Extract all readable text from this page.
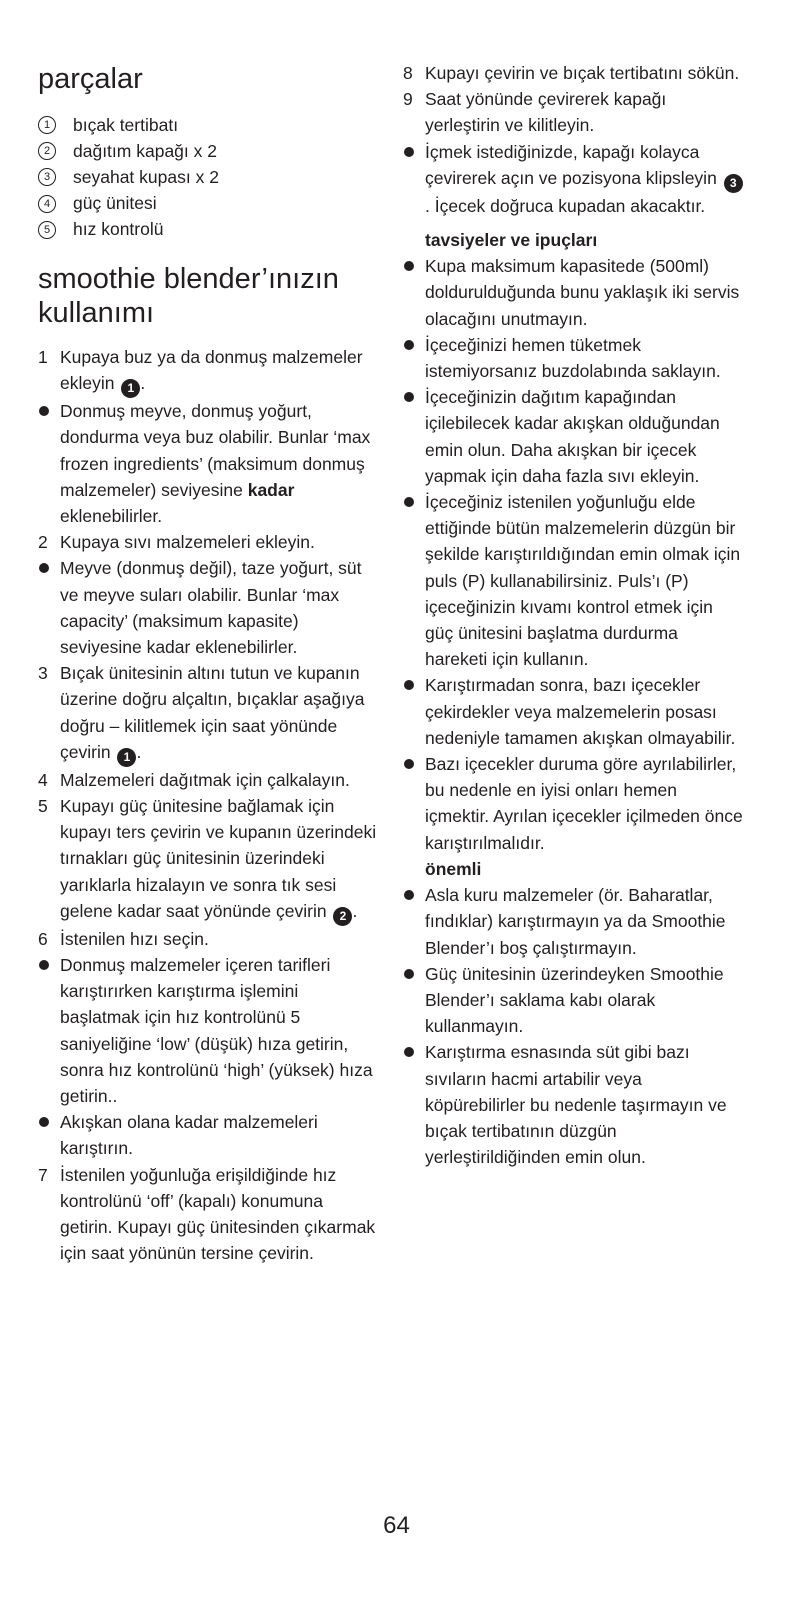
parçalar
1	bıçak tertibatı
2	dağıtım kapağı x 2
3	seyahat kupası x 2
4	güç ünitesi
5	hız kontrolü
smoothie blender’ınızın kullanımı
1 Kupaya buz ya da donmuş malzemeler ekleyin 1 .
Donmuş meyve, donmuş yoğurt, dondurma veya buz olabilir. Bunlar ‘max frozen ingredients’ (maksimum donmuş malzemeler) seviyesine kadar eklenebilirler.
2 Kupaya sıvı malzemeleri ekleyin.
Meyve (donmuş değil), taze yoğurt, süt ve meyve suları olabilir. Bunlar ‘max capacity’ (maksimum kapasite) seviyesine kadar eklenebilirler.
3 Bıçak ünitesinin altını tutun ve kupanın üzerine doğru alçaltın, bıçaklar aşağıya doğru – kilitlemek için saat yönünde çevirin 1 .
4 Malzemeleri dağıtmak için çalkalayın.
5 Kupayı güç ünitesine bağlamak için kupayı ters çevirin ve kupanın üzerindeki tırnakları güç ünitesinin üzerindeki yarıklarla hizalayın ve sonra tık sesi gelene kadar saat yönünde çevirin 2 .
6 İstenilen hızı seçin.
Donmuş malzemeler içeren tarifleri karıştırırken karıştırma işlemini başlatmak için hız kontrolünü 5 saniyeliğine ‘low’ (düşük) hıza getirin, sonra hız kontrolünü ‘high’ (yüksek) hıza getirin..
Akışkan olana kadar malzemeleri karıştırın.
7 İstenilen yoğunluğa erişildiğinde hız kontrolünü ‘off’ (kapalı) konumuna getirin. Kupayı güç ünitesinden çıkarmak için saat yönünün tersine çevirin.
8 Kupayı çevirin ve bıçak tertibatını sökün.
9 Saat yönünde çevirerek kapağı yerleştirin ve kilitleyin.
İçmek istediğinizde, kapağı kolayca çevirerek açın ve pozisyona klipsleyin 3. İçecek doğruca kupadan akacaktır.
tavsiyeler ve ipuçları
Kupa maksimum kapasitede (500ml) doldurulduğunda bunu yaklaşık iki servis olacağını unutmayın.
İçeceğinizi hemen tüketmek istemiyorsanız buzdolabında saklayın.
İçeceğinizin dağıtım kapağından içilebilecek kadar akışkan olduğundan emin olun. Daha akışkan bir içecek yapmak için daha fazla sıvı ekleyin.
İçeceğiniz istenilen yoğunluğu elde ettiğinde bütün malzemelerin düzgün bir şekilde karıştırıldığından emin olmak için puls (P) kullanabilirsiniz. Puls’ı (P) içeceğinizin kıvamı kontrol etmek için güç ünitesini başlatma durdurma hareketi için kullanın.
Karıştırmadan sonra, bazı içecekler çekirdekler veya malzemelerin posası nedeniyle tamamen akışkan olmayabilir.
Bazı içecekler duruma göre ayrılabilirler, bu nedenle en iyisi onları hemen içmektir. Ayrılan içecekler içilmeden önce karıştırılmalıdır.
önemli
Asla kuru malzemeler (ör. Baharatlar, fındıklar) karıştırmayın ya da Smoothie Blender’ı boş çalıştırmayın.
Güç ünitesinin üzerindeyken Smoothie Blender’ı saklama kabı olarak kullanmayın.
Karıştırma esnasında süt gibi bazı sıvıların hacmi artabilir veya köpürebilirler bu nedenle taşırmayın ve bıçak tertibatının düzgün yerleştirildiğinden emin olun.
64
